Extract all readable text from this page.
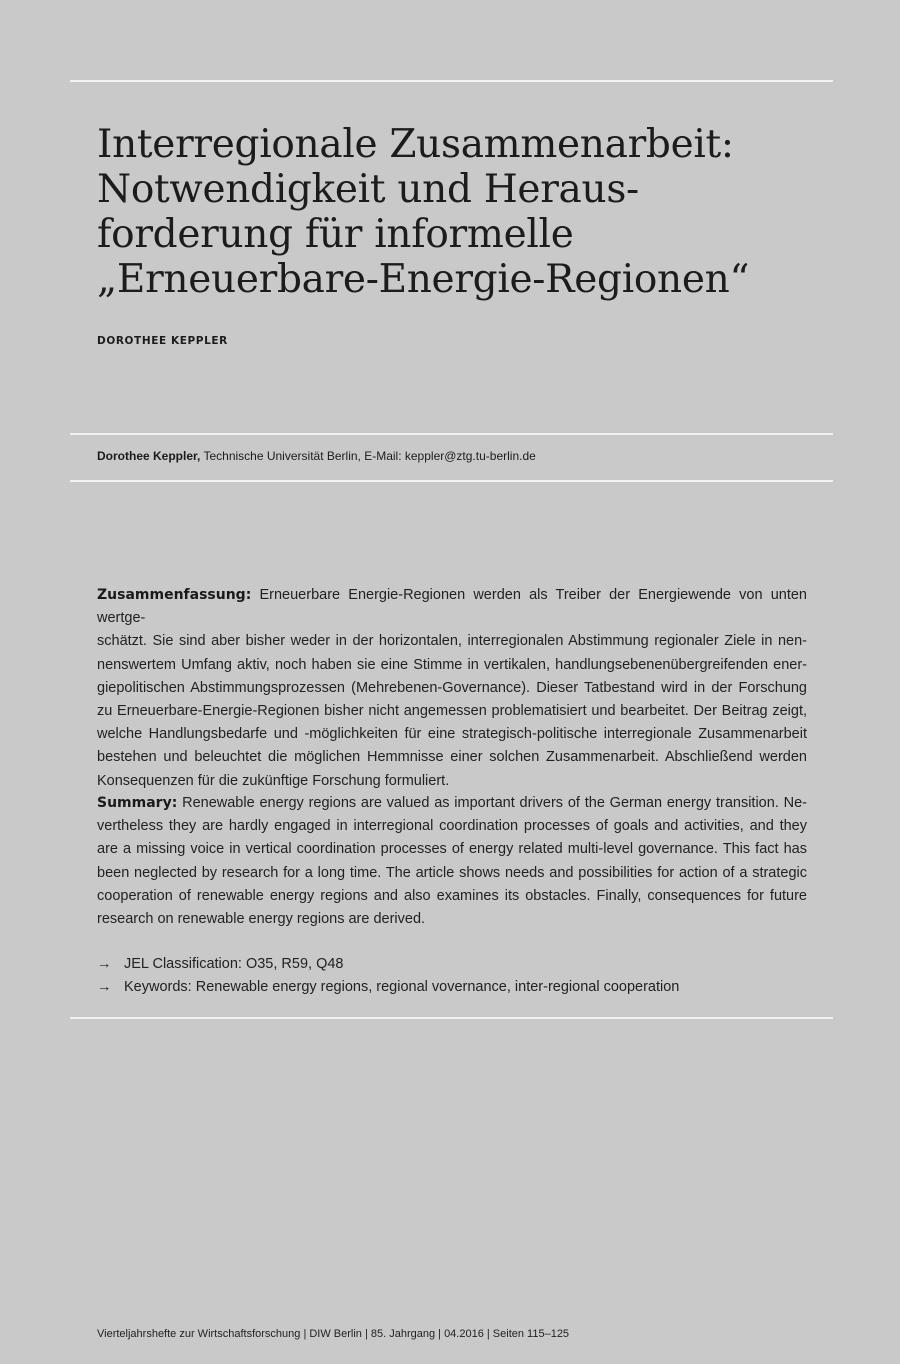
Interregionale Zusammenarbeit:
Notwendigkeit und Heraus-
forderung für informelle
„Erneuerbare-Energie-Regionen“
DOROTHEE KEPPLER
Dorothee Keppler, Technische Universität Berlin, E-Mail: keppler@ztg.tu-berlin.de
Zusammenfassung: Erneuerbare Energie-Regionen werden als Treiber der Energiewende von unten wertge-
schätzt. Sie sind aber bisher weder in der horizontalen, interregionalen Abstimmung regionaler Ziele in nen-
nenswertem Umfang aktiv, noch haben sie eine Stimme in vertikalen, handlungsebenenübergreifenden ener-
giepolitischen Abstimmungsprozessen (Mehrebenen-Governance). Dieser Tatbestand wird in der Forschung
zu Erneuerbare-Energie-Regionen bisher nicht angemessen problematisiert und bearbeitet. Der Beitrag zeigt,
welche Handlungsbedarfe und -möglichkeiten für eine strategisch-politische interregionale Zusammenarbeit
bestehen und beleuchtet die möglichen Hemmnisse einer solchen Zusammenarbeit. Abschließend werden
Konsequenzen für die zukünftige Forschung formuliert.
Summary: Renewable energy regions are valued as important drivers of the German energy transition. Ne-
vertheless they are hardly engaged in interregional coordination processes of goals and activities, and they
are a missing voice in vertical coordination processes of energy related multi-level governance. This fact has
been neglected by research for a long time. The article shows needs and possibilities for action of a strategic
cooperation of renewable energy regions and also examines its obstacles. Finally, consequences for future
research on renewable energy regions are derived.
→ JEL Classification: O35, R59, Q48
→ Keywords: Renewable energy regions, regional vovernance, inter-regional cooperation
Vierteljahrshefte zur Wirtschaftsforschung | DIW Berlin | 85. Jahrgang | 04.2016 | Seiten 115–125
